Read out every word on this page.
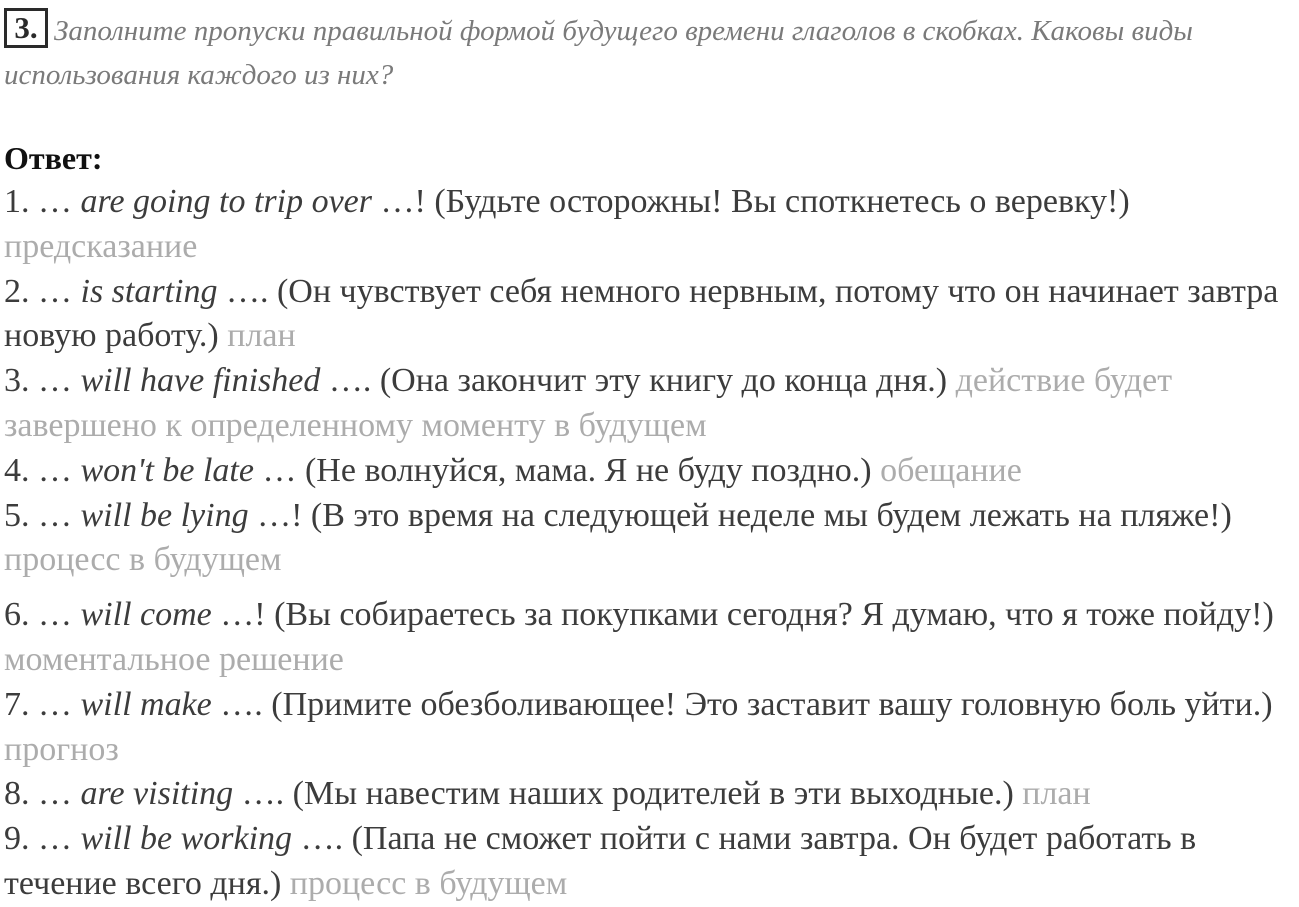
3. Заполните пропуски правильной формой будущего времени глаголов в скобках. Каковы виды использования каждого из них?
Ответ:
1. … are going to trip over …! (Будьте осторожны! Вы споткнетесь о веревку!) предсказание
2. … is starting …. (Он чувствует себя немного нервным, потому что он начинает завтра новую работу.) план
3. … will have finished …. (Она закончит эту книгу до конца дня.) действие будет завершено к определенному моменту в будущем
4. … won't be late … (Не волнуйся, мама. Я не буду поздно.) обещание
5. … will be lying …! (В это время на следующей неделе мы будем лежать на пляже!) процесс в будущем
6. … will come …! (Вы собираетесь за покупками сегодня? Я думаю, что я тоже пойду!) моментальное решение
7. … will make …. (Примите обезболивающее! Это заставит вашу головную боль уйти.) прогноз
8. … are visiting …. (Мы навестим наших родителей в эти выходные.) план
9. … will be working …. (Папа не сможет пойти с нами завтра. Он будет работать в течение всего дня.) процесс в будущем
